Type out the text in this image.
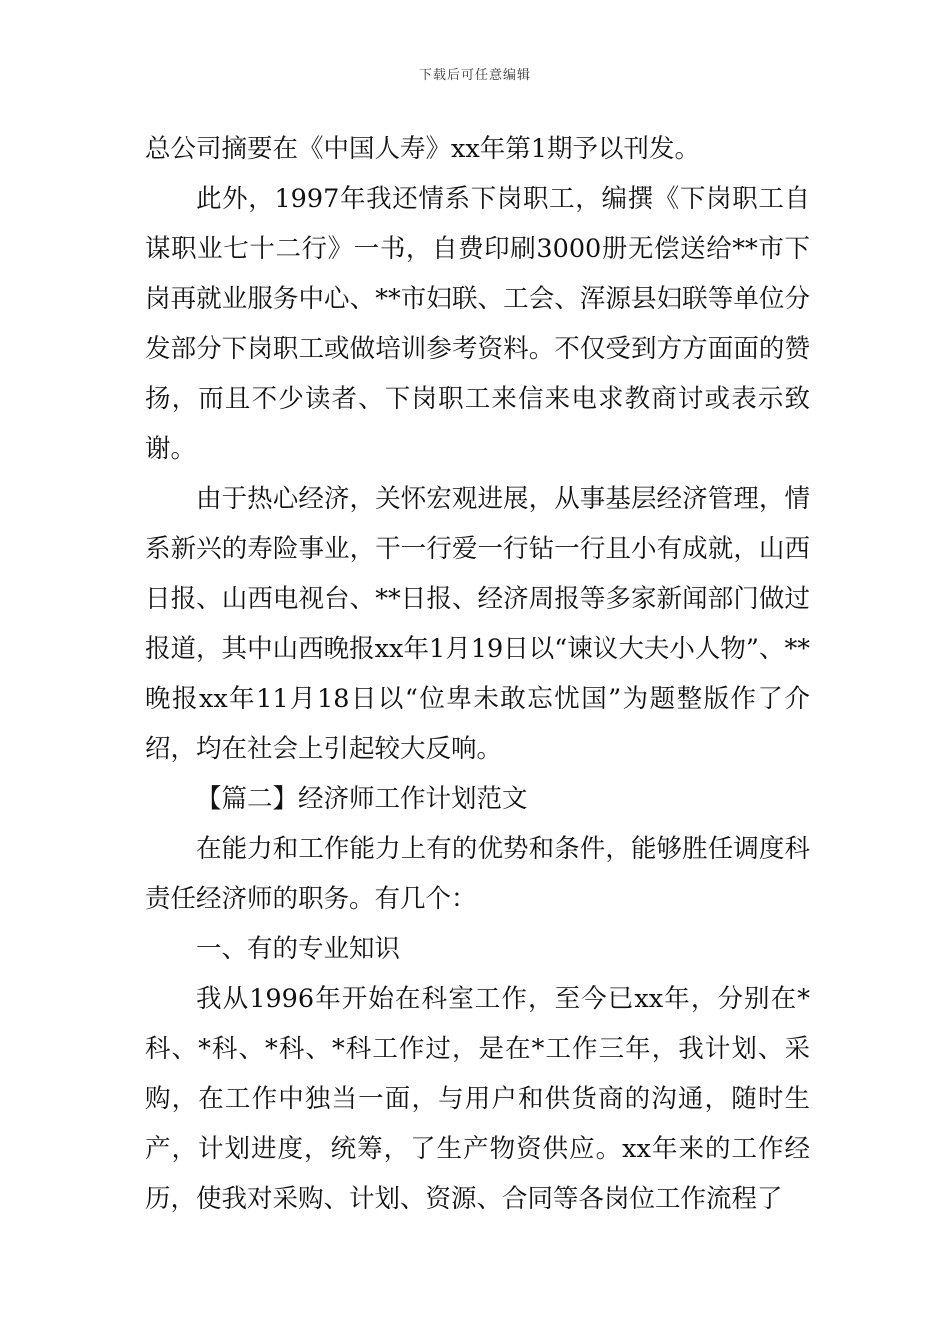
下载后可任意编辑

总公司摘要在《中国人寿》xx年第1期予以刊发。

此外，1997年我还情系下岗职工，编撰《下岗职工自谋职业七十二行》一书，自费印刷3000册无偿送给**市下岗再就业服务中心、**市妇联、工会、浑源县妇联等单位分发部分下岗职工或做培训参考资料。不仅受到方方面面的赞扬，而且不少读者、下岗职工来信来电求教商讨或表示致谢。

由于热心经济，关怀宏观进展，从事基层经济管理，情系新兴的寿险事业，干一行爱一行钻一行且小有成就，山西日报、山西电视台、**日报、经济周报等多家新闻部门做过报道，其中山西晚报xx年1月19日以“谏议大夫小人物”、**晚报xx年11月18日以“位卑未敢忘忧国”为题整版作了介绍，均在社会上引起较大反响。

【篇二】经济师工作计划范文

在能力和工作能力上有的优势和条件，能够胜任调度科责任经济师的职务。有几个：

一、有的专业知识

我从1996年开始在科室工作，至今已xx年，分别在*科、*科、*科、*科工作过，是在*工作三年，我计划、采购，在工作中独当一面，与用户和供货商的沟通，随时生产，计划进度，统筹，了生产物资供应。xx年来的工作经历，使我对采购、计划、资源、合同等各岗位工作流程了
